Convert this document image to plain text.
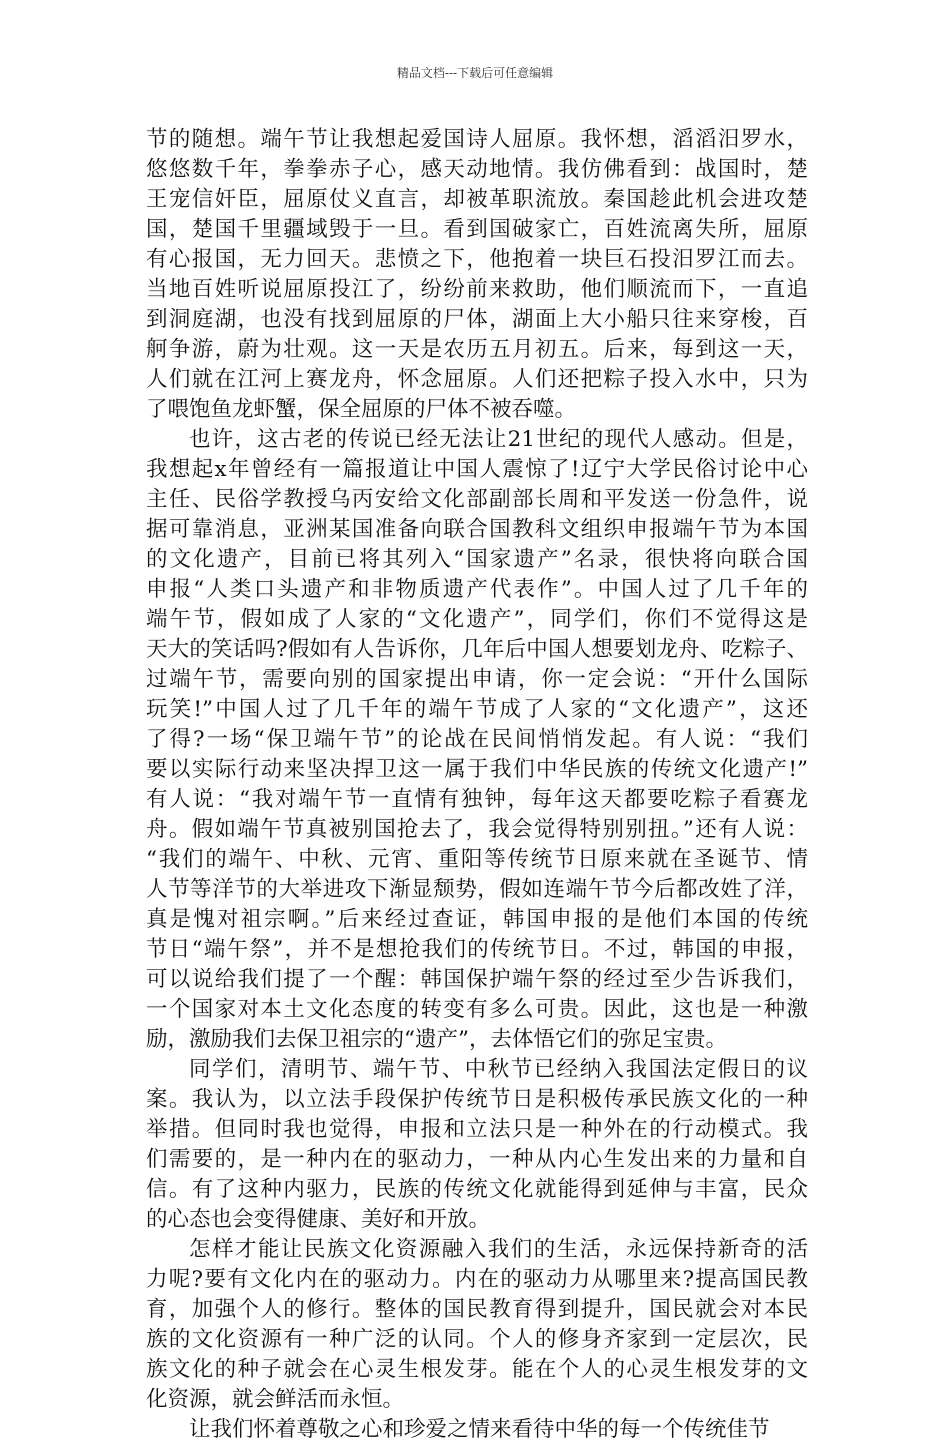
精品文档---下载后可任意编辑
节的随想。端午节让我想起爱国诗人屈原。我怀想，滔滔汨罗水，
悠悠数千年，拳拳赤子心，感天动地情。我仿佛看到：战国时，楚
王宠信奸臣，屈原仗义直言，却被革职流放。秦国趁此机会进攻楚
国，楚国千里疆域毁于一旦。看到国破家亡，百姓流离失所，屈原
有心报国，无力回天。悲愤之下，他抱着一块巨石投汨罗江而去。
当地百姓听说屈原投江了，纷纷前来救助，他们顺流而下，一直追
到洞庭湖，也没有找到屈原的尸体，湖面上大小船只往来穿梭，百
舸争游，蔚为壮观。这一天是农历五月初五。后来，每到这一天，
人们就在江河上赛龙舟，怀念屈原。人们还把粽子投入水中，只为
了喂饱鱼龙虾蟹，保全屈原的尸体不被吞噬。
也许，这古老的传说已经无法让21世纪的现代人感动。但是，
我想起x年曾经有一篇报道让中国人震惊了!辽宁大学民俗讨论中心
主任、民俗学教授乌丙安给文化部副部长周和平发送一份急件，说
据可靠消息，亚洲某国准备向联合国教科文组织申报端午节为本国
的文化遗产，目前已将其列入“国家遗产”名录，很快将向联合国
申报“人类口头遗产和非物质遗产代表作”。中国人过了几千年的
端午节，假如成了人家的“文化遗产”，同学们，你们不觉得这是
天大的笑话吗?假如有人告诉你，几年后中国人想要划龙舟、吃粽子、
过端午节，需要向别的国家提出申请，你一定会说：“开什么国际
玩笑!”中国人过了几千年的端午节成了人家的“文化遗产”，这还
了得?一场“保卫端午节”的论战在民间悄悄发起。有人说：“我们
要以实际行动来坚决捍卫这一属于我们中华民族的传统文化遗产!”
有人说：“我对端午节一直情有独钟，每年这天都要吃粽子看赛龙
舟。假如端午节真被别国抢去了，我会觉得特别别扭。”还有人说：
“我们的端午、中秋、元宵、重阳等传统节日原来就在圣诞节、情
人节等洋节的大举进攻下渐显颓势，假如连端午节今后都改姓了洋，
真是愧对祖宗啊。”后来经过查证，韩国申报的是他们本国的传统
节日“端午祭”，并不是想抢我们的传统节日。不过，韩国的申报，
可以说给我们提了一个醒：韩国保护端午祭的经过至少告诉我们，
一个国家对本土文化态度的转变有多么可贵。因此，这也是一种激
励，激励我们去保卫祖宗的“遗产”，去体悟它们的弥足宝贵。
同学们，清明节、端午节、中秋节已经纳入我国法定假日的议
案。我认为，以立法手段保护传统节日是积极传承民族文化的一种
举措。但同时我也觉得，申报和立法只是一种外在的行动模式。我
们需要的，是一种内在的驱动力，一种从内心生发出来的力量和自
信。有了这种内驱力，民族的传统文化就能得到延伸与丰富，民众
的心态也会变得健康、美好和开放。
怎样才能让民族文化资源融入我们的生活，永远保持新奇的活
力呢?要有文化内在的驱动力。内在的驱动力从哪里来?提高国民教
育，加强个人的修行。整体的国民教育得到提升，国民就会对本民
族的文化资源有一种广泛的认同。个人的修身齐家到一定层次，民
族文化的种子就会在心灵生根发芽。能在个人的心灵生根发芽的文
化资源，就会鲜活而永恒。
让我们怀着尊敬之心和珍爱之情来看待中华的每一个传统佳节
